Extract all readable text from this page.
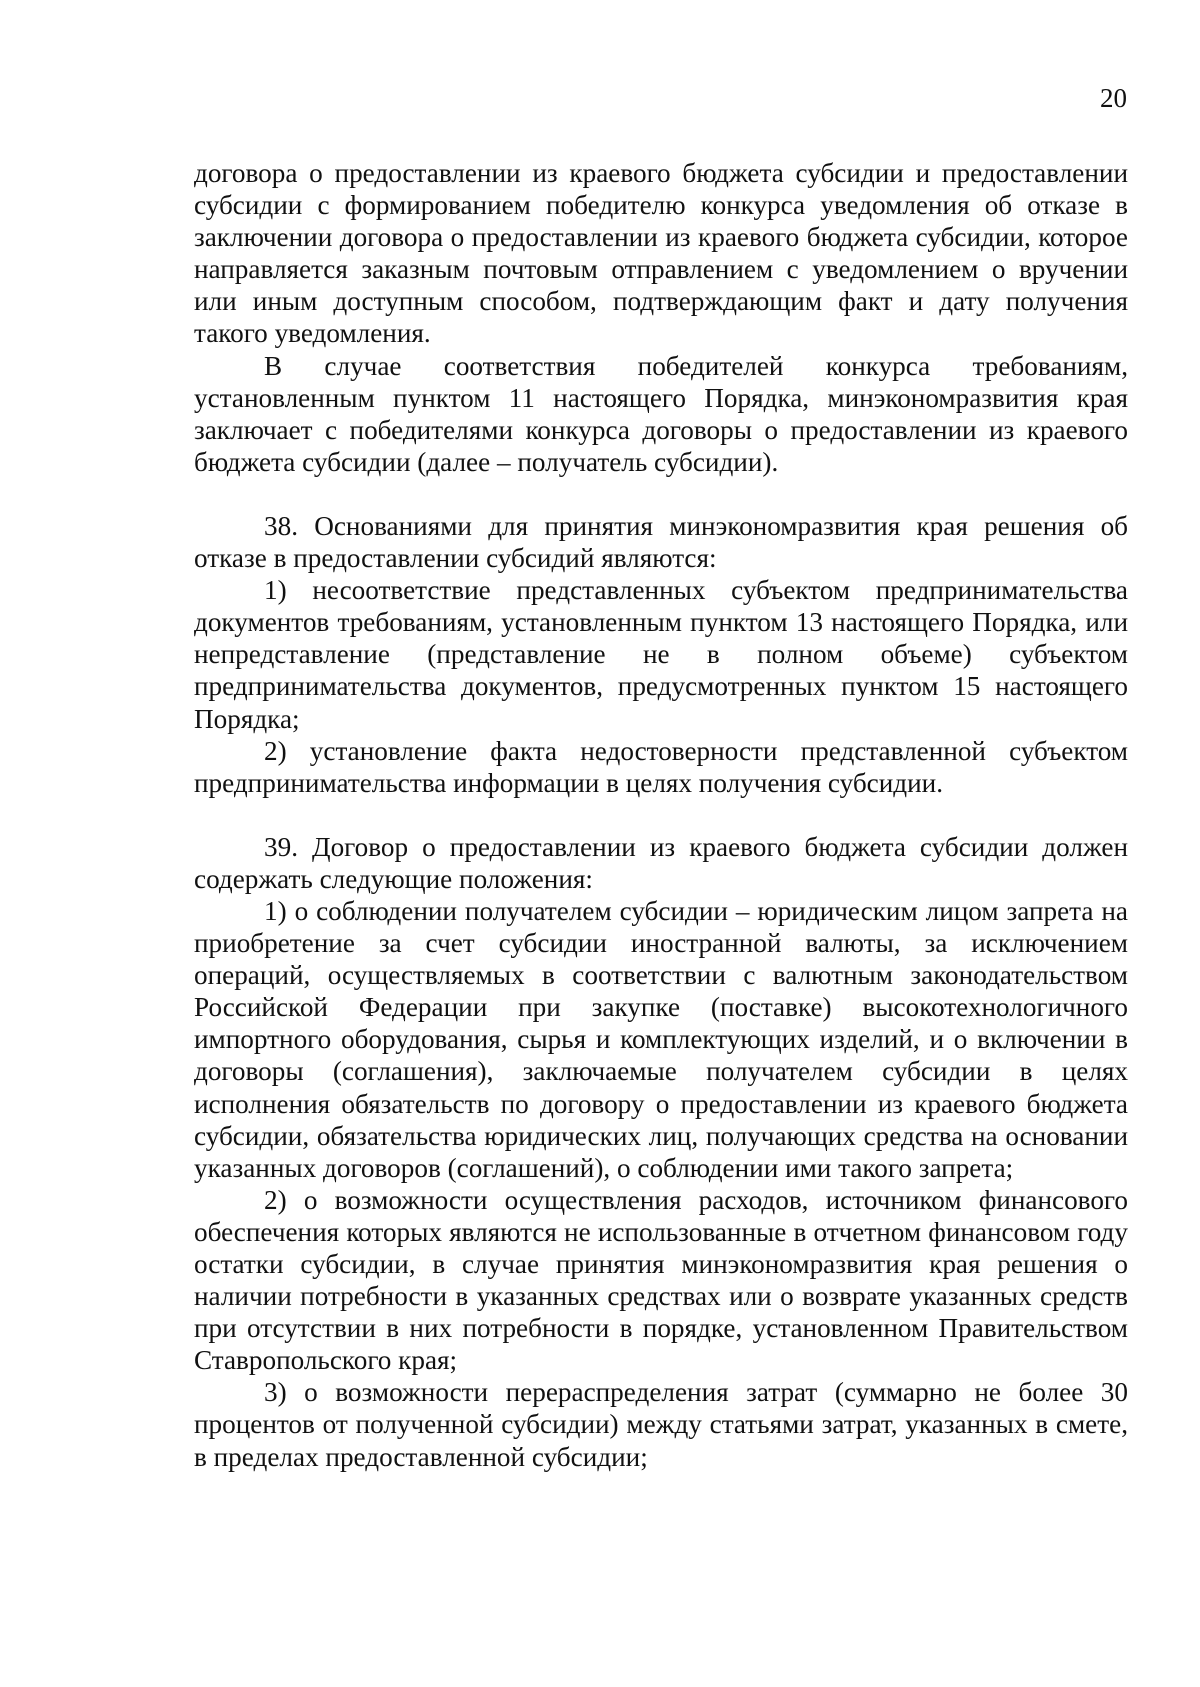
20

договора о предоставлении из краевого бюджета субсидии и предоставлении субсидии с формированием победителю конкурса уведомления об отказе в заключении договора о предоставлении из краевого бюджета субсидии, которое направляется заказным почтовым отправлением с уведомлением о вручении или иным доступным способом, подтверждающим факт и дату получения такого уведомления.

В случае соответствия победителей конкурса требованиям, установленным пунктом 11 настоящего Порядка, минэкономразвития края заключает с победителями конкурса договоры о предоставлении из краевого бюджета субсидии (далее – получатель субсидии).

38. Основаниями для принятия минэкономразвития края решения об отказе в предоставлении субсидий являются:

1) несоответствие представленных субъектом предпринимательства документов требованиям, установленным пунктом 13 настоящего Порядка, или непредставление (представление не в полном объеме) субъектом предпринимательства документов, предусмотренных пунктом 15 настоящего Порядка;

2) установление факта недостоверности представленной субъектом предпринимательства информации в целях получения субсидии.

39. Договор о предоставлении из краевого бюджета субсидии должен содержать следующие положения:

1) о соблюдении получателем субсидии – юридическим лицом запрета на приобретение за счет субсидии иностранной валюты, за исключением операций, осуществляемых в соответствии с валютным законодательством Российской Федерации при закупке (поставке) высокотехнологичного импортного оборудования, сырья и комплектующих изделий, и о включении в договоры (соглашения), заключаемые получателем субсидии в целях исполнения обязательств по договору о предоставлении из краевого бюджета субсидии, обязательства юридических лиц, получающих средства на основании указанных договоров (соглашений), о соблюдении ими такого запрета;

2) о возможности осуществления расходов, источником финансового обеспечения которых являются не использованные в отчетном финансовом году остатки субсидии, в случае принятия минэкономразвития края решения о наличии потребности в указанных средствах или о возврате указанных средств при отсутствии в них потребности в порядке, установленном Правительством Ставропольского края;

3) о возможности перераспределения затрат (суммарно не более 30 процентов от полученной субсидии) между статьями затрат, указанных в смете, в пределах предоставленной субсидии;
